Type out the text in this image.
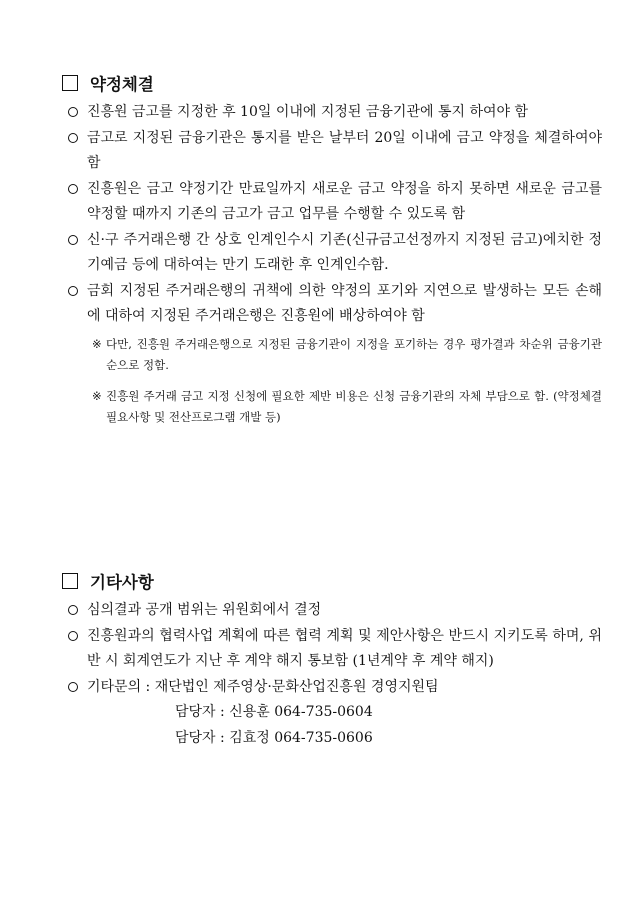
약정체결
진흥원 금고를 지정한 후 10일 이내에 지정된 금융기관에 통지 하여야 함
금고로 지정된 금융기관은 통지를 받은 날부터 20일 이내에 금고 약정을 체결하여야 함
진흥원은 금고 약정기간 만료일까지 새로운 금고 약정을 하지 못하면 새로운 금고를 약정할 때까지 기존의 금고가 금고 업무를 수행할 수 있도록 함
신·구 주거래은행 간 상호 인계인수시 기존(신규금고선정까지 지정된 금고)에치한 정기예금 등에 대하여는 만기 도래한 후 인계인수함.
금회 지정된 주거래은행의 귀책에 의한 약정의 포기와 지연으로 발생하는 모든 손해에 대하여 지정된 주거래은행은 진흥원에 배상하여야 함
※ 다만, 진흥원 주거래은행으로 지정된 금융기관이 지정을 포기하는 경우 평가결과 차순위 금융기관 순으로 정함.
※ 진흥원 주거래 금고 지정 신청에 필요한 제반 비용은 신청 금융기관의 자체 부담으로 함. (약정체결 필요사항 및 전산프로그램 개발 등)
기타사항
심의결과 공개 범위는 위원회에서 결정
진흥원과의 협력사업 계획에 따른 협력 계획 및 제안사항은 반드시 지키도록 하며, 위반 시 회계연도가 지난 후 계약 해지 통보함 (1년계약 후 계약 해지)
기타문의 : 재단법인 제주영상·문화산업진흥원 경영지원팀
담당자 : 신용훈 064-735-0604
담당자 : 김효정 064-735-0606
